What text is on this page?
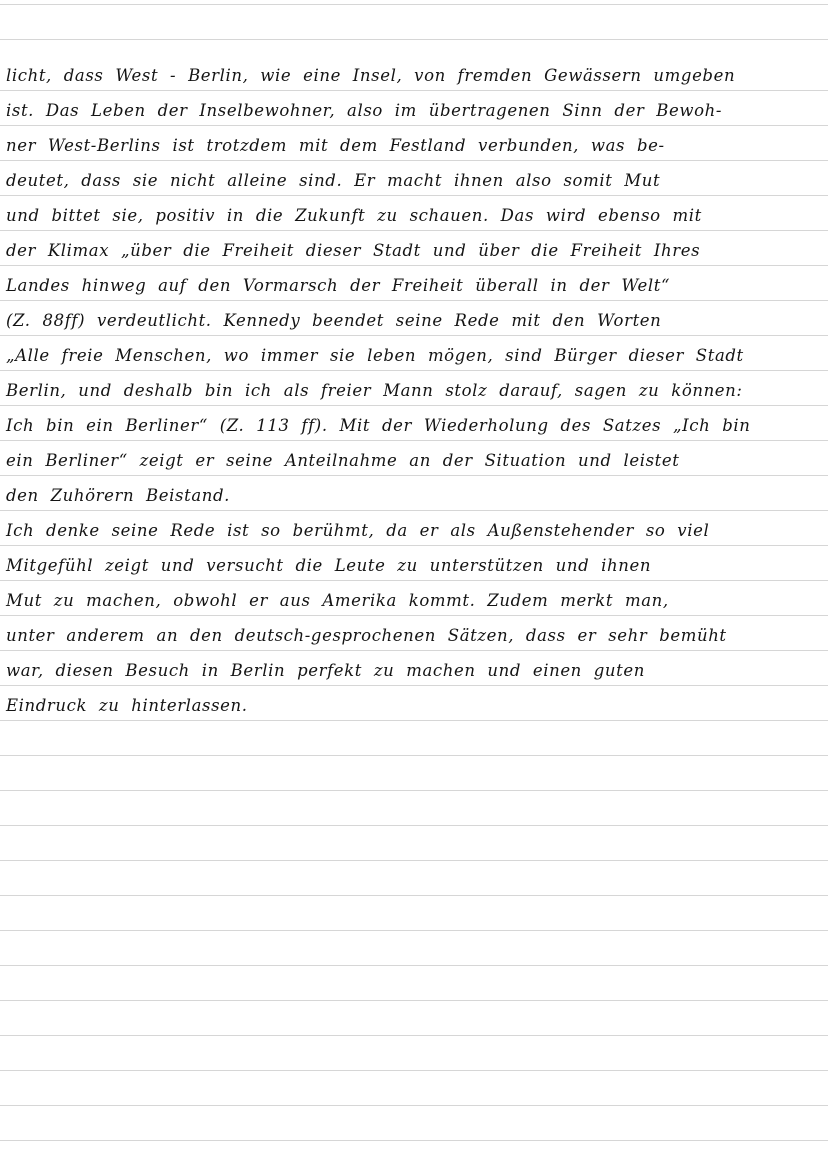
licht, dass West - Berlin, wie eine Insel, von fremden Gewässern umgeben
ist. Das Leben der Inselbewohner, also im übertragenen Sinn der Bewoh-
ner West-Berlins ist trotzdem mit dem Festland verbunden, was be-
deutet, dass sie nicht alleine sind. Er macht ihnen also somit Mut
und bittet sie, positiv in die Zukunft zu schauen. Das wird ebenso mit
der Klimax „über die Freiheit dieser Stadt und über die Freiheit Ihres
Landes hinweg auf den Vormarsch der Freiheit überall in der Welt“
(Z. 88ff) verdeutlicht. Kennedy beendet seine Rede mit den Worten
„Alle freie Menschen, wo immer sie leben mögen, sind Bürger dieser Stadt
Berlin, und deshalb bin ich als freier Mann stolz darauf, sagen zu können:
Ich bin ein Berliner“ (Z. 113 ff). Mit der Wiederholung des Satzes „Ich bin
ein Berliner“ zeigt er seine Anteilnahme an der Situation und leistet
den Zuhörern Beistand.
Ich denke seine Rede ist so berühmt, da er als Außenstehender so viel
Mitgefühl zeigt und versucht die Leute zu unterstützen und ihnen
Mut zu machen, obwohl er aus Amerika kommt. Zudem merkt man,
unter anderem an den deutsch-gesprochenen Sätzen, dass er sehr bemüht
war, diesen Besuch in Berlin perfekt zu machen und einen guten
Eindruck zu hinterlassen.
